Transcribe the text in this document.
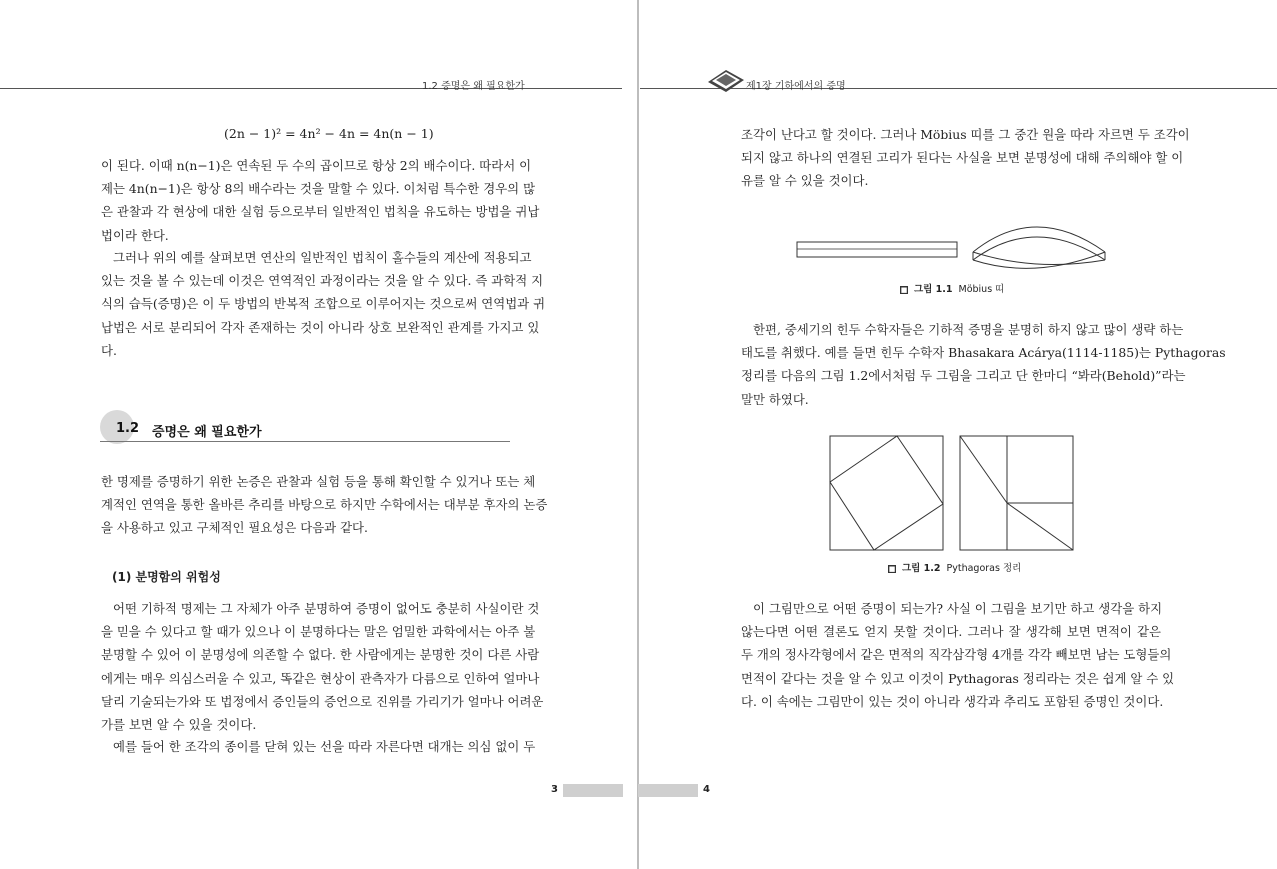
1.2 증명은 왜 필요한가
(2n − 1)² = 4n² − 4n = 4n(n − 1)
이 된다. 이때 n(n−1)은 연속된 두 수의 곱이므로 항상 2의 배수이다. 따라서 이
제는 4n(n−1)은 항상 8의 배수라는 것을 말할 수 있다. 이처럼 특수한 경우의 많
은 관찰과 각 현상에 대한 실험 등으로부터 일반적인 법칙을 유도하는 방법을 귀납
법이라 한다.
그러나 위의 예를 살펴보면 연산의 일반적인 법칙이 홀수들의 계산에 적용되고
있는 것을 볼 수 있는데 이것은 연역적인 과정이라는 것을 알 수 있다. 즉 과학적 지
식의 습득(증명)은 이 두 방법의 반복적 조합으로 이루어지는 것으로써 연역법과 귀
납법은 서로 분리되어 각자 존재하는 것이 아니라 상호 보완적인 관계를 가지고 있
다.
1.2 증명은 왜 필요한가
한 명제를 증명하기 위한 논증은 관찰과 실험 등을 통해 확인할 수 있거나 또는 체
계적인 연역을 통한 올바른 추리를 바탕으로 하지만 수학에서는 대부분 후자의 논증
을 사용하고 있고 구체적인 필요성은 다음과 같다.
(1) 분명함의 위험성
어떤 기하적 명제는 그 자체가 아주 분명하여 증명이 없어도 충분히 사실이란 것
을 믿을 수 있다고 할 때가 있으나 이 분명하다는 말은 엄밀한 과학에서는 아주 불
분명할 수 있어 이 분명성에 의존할 수 없다. 한 사람에게는 분명한 것이 다른 사람
에게는 매우 의심스러울 수 있고, 똑같은 현상이 관측자가 다름으로 인하여 얼마나
달리 기술되는가와 또 법정에서 증인들의 증언으로 진위를 가리기가 얼마나 어려운
가를 보면 알 수 있을 것이다.
예를 들어 한 조각의 종이를 닫혀 있는 선을 따라 자른다면 대개는 의심 없이 두
3
제1장 기하에서의 증명
조각이 난다고 할 것이다. 그러나 Möbius 띠를 그 중간 원을 따라 자르면 두 조각이
되지 않고 하나의 연결된 고리가 된다는 사실을 보면 분명성에 대해 주의해야 할 이
유를 알 수 있을 것이다.
■ 그림 1.1 Möbius 띠
한편, 중세기의 힌두 수학자들은 기하적 증명을 분명히 하지 않고 많이 생략 하는
태도를 취했다. 예를 들면 힌두 수학자 Bhasakara Acárya(1114-1185)는 Pythagoras
정리를 다음의 그림 1.2에서처럼 두 그림을 그리고 단 한마디 “봐라(Behold)”라는
말만 하였다.
■ 그림 1.2 Pythagoras 정리
이 그림만으로 어떤 증명이 되는가? 사실 이 그림을 보기만 하고 생각을 하지
않는다면 어떤 결론도 얻지 못할 것이다. 그러나 잘 생각해 보면 면적이 같은
두 개의 정사각형에서 같은 면적의 직각삼각형 4개를 각각 빼보면 남는 도형들의
면적이 같다는 것을 알 수 있고 이것이 Pythagoras 정리라는 것은 쉽게 알 수 있
다. 이 속에는 그림만이 있는 것이 아니라 생각과 추리도 포함된 증명인 것이다.
4
